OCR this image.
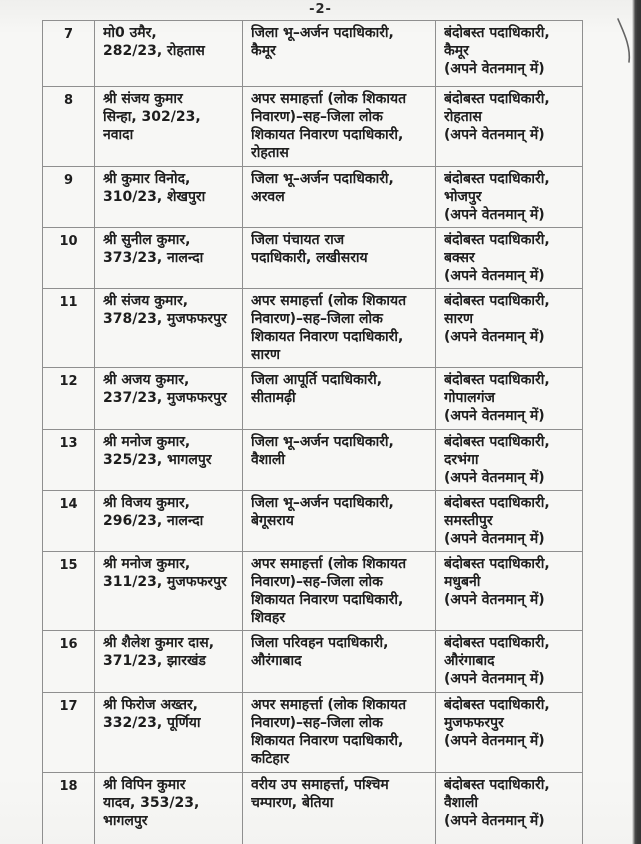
-2-
7	मो0 उमैर,
282/23, रोहतास

जिला भू–अर्जन पदाधिकारी,
कैमूर

बंदोबस्त पदाधिकारी,
कैमूर
(अपने वेतनमान् में)

8	श्री संजय कुमार
सिन्हा, 302/23,
नवादा

अपर समाहर्त्ता (लोक शिकायत
निवारण)–सह–जिला लोक
शिकायत निवारण पदाधिकारी,
रोहतास

बंदोबस्त पदाधिकारी,
रोहतास
(अपने वेतनमान् में)

9	श्री कुमार विनोद,
310/23, शेखपुरा

जिला भू–अर्जन पदाधिकारी,
अरवल

बंदोबस्त पदाधिकारी,
भोजपुर
(अपने वेतनमान् में)

10	श्री सुनील कुमार,
373/23, नालन्दा

जिला पंचायत राज
पदाधिकारी, लखीसराय

बंदोबस्त पदाधिकारी,
बक्सर
(अपने वेतनमान् में)

11	श्री संजय कुमार,
378/23, मुजफफरपुर

अपर समाहर्त्ता (लोक शिकायत
निवारण)–सह–जिला लोक
शिकायत निवारण पदाधिकारी,
सारण

बंदोबस्त पदाधिकारी,
सारण
(अपने वेतनमान् में)

12	श्री अजय कुमार,
237/23, मुजफफरपुर

जिला आपूर्ति पदाधिकारी,
सीतामढ़ी

बंदोबस्त पदाधिकारी,
गोपालगंज
(अपने वेतनमान् में)

13	श्री मनोज कुमार,
325/23, भागलपुर

जिला भू–अर्जन पदाधिकारी,
वैशाली

बंदोबस्त पदाधिकारी,
दरभंगा
(अपने वेतनमान् में)

14	श्री विजय कुमार,
296/23, नालन्दा

जिला भू–अर्जन पदाधिकारी,
बेगूसराय

बंदोबस्त पदाधिकारी,
समस्तीपुर
(अपने वेतनमान् में)

15	श्री मनोज कुमार,
311/23, मुजफफरपुर

अपर समाहर्त्ता (लोक शिकायत
निवारण)–सह–जिला लोक
शिकायत निवारण पदाधिकारी,
शिवहर

बंदोबस्त पदाधिकारी,
मधुबनी
(अपने वेतनमान् में)

16	श्री शैलेश कुमार दास,
371/23, झारखंड

जिला परिवहन पदाधिकारी,
औरंगाबाद

बंदोबस्त पदाधिकारी,
औरंगाबाद
(अपने वेतनमान् में)

17	श्री फिरोज अख्तर,
332/23, पूर्णिया

अपर समाहर्त्ता (लोक शिकायत
निवारण)–सह–जिला लोक
शिकायत निवारण पदाधिकारी,
कटिहार

बंदोबस्त पदाधिकारी,
मुजफफरपुर
(अपने वेतनमान् में)

18	श्री विपिन कुमार
यादव, 353/23,
भागलपुर

वरीय उप समाहर्त्ता, पश्चिम
चम्पारण, बेतिया

बंदोबस्त पदाधिकारी,
वैशाली
(अपने वेतनमान् में)
